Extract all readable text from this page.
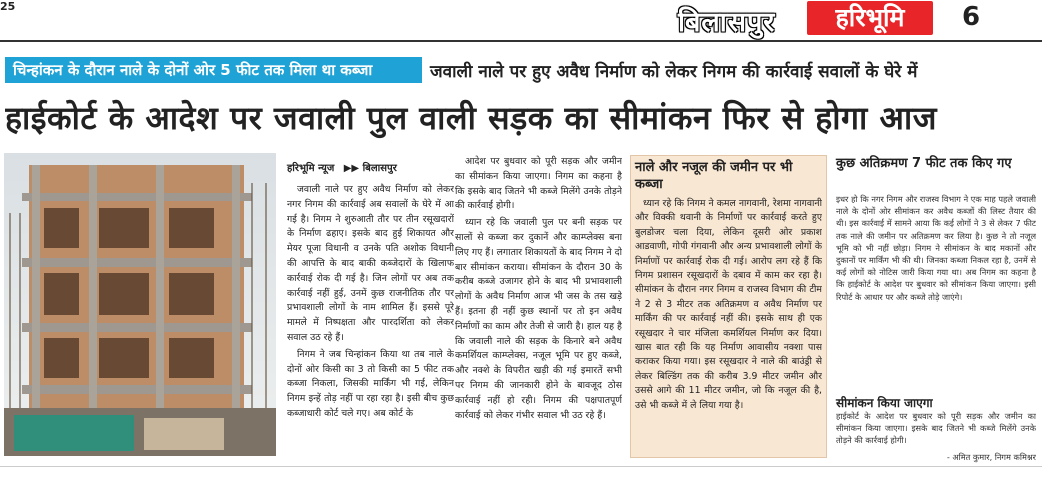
25
बिलासपुर	हरिभूमि	6
चिन्हांकन के दौरान नाले के दोनों ओर 5 फीट तक मिला था कब्जा	जवाली नाले पर हुए अवैध निर्माण को लेकर निगम की कार्रवाई सवालों के घेरे में
हाईकोर्ट के आदेश पर जवाली पुल वाली सड़क का सीमांकन फिर से होगा आज
हरिभूमि न्यूज ▶▶ बिलासपुर

जवाली नाले पर हुए अवैध निर्माण को लेकर नगर निगम की कार्रवाई अब सवालों के घेरे में आ गई है। निगम ने शुरुआती तौर पर तीन रसूखदारों के निर्माण ढहाए। इसके बाद हुई शिकायत और मेयर पूजा विधानी व उनके पति अशोक विधानी की आपत्ति के बाद बाकी कब्जेदारों के खिलाफ कार्रवाई रोक दी गई है। जिन लोगों पर अब तक कार्रवाई नहीं हुई, उनमें कुछ राजनीतिक तौर पर प्रभावशाली लोगों के नाम शामिल हैं। इससे पूरे मामले में निष्पक्षता और पारदर्शिता को लेकर सवाल उठ रहे हैं।

निगम ने जब चिन्हांकन किया था तब नाले के दोनों ओर किसी का 3 तो किसी का 5 फीट तक कब्जा निकला, जिसकी मार्किंग भी गई, लेकिन निगम इन्हें तोड़ नहीं पा रहा रहा है। इसी बीच कुछ कब्जाधारी कोर्ट चले गए। अब कोर्ट के

आदेश पर बुधवार को पूरी सड़क और जमीन का सीमांकन किया जाएगा। निगम का कहना है कि इसके बाद जितने भी कब्जे मिलेंगे उनके तोड़ने की कार्रवाई होगी।

ध्यान रहे कि जवाली पुल पर बनी सड़क पर सालों से कब्जा कर दुकानें और काम्प्लेक्स बना लिए गए हैं। लगातार शिकायतों के बाद निगम ने दो बार सीमांकन कराया। सीमांकन के दौरान 30 के करीब कब्जे उजागर होने के बाद भी प्रभावशाली लोगों के अवैध निर्माण आज भी जस के तस खड़े हैं। इतना ही नहीं कुछ स्थानों पर तो इन अवैध निर्माणों का काम और तेजी से जारी है। हाल यह है कि जवाली नाले की सड़क के किनारे बने अवैध कमर्शियल काम्प्लेक्स, नजूल भूमि पर हुए कब्जे, और नक्शे के विपरीत खड़ी की गई इमारतें सभी पर निगम की जानकारी होने के बावजूद ठोस कार्रवाई नहीं हो रही। निगम की पक्षपातपूर्ण कार्रवाई को लेकर गंभीर सवाल भी उठ रहे हैं।

नाले और नजूल की जमीन पर भी कब्जा

ध्यान रहे कि निगम ने कमल नागवानी, रेशमा नागवानी और विक्की थवानी के निर्माणों पर कार्रवाई करते हुए बुलडोजर चला दिया, लेकिन दूसरी ओर प्रकाश आडवाणी, गोपी गंगवानी और अन्य प्रभावशाली लोगों के निर्माणों पर कार्रवाई रोक दी गई। आरोप लग रहे हैं कि निगम प्रशासन रसूखदारों के दबाव में काम कर रहा है। सीमांकन के दौरान नगर निगम व राजस्व विभाग की टीम ने 2 से 3 मीटर तक अतिक्रमण व अवैध निर्माण पर मार्किंग की पर कार्रवाई नहीं की। इसके साथ ही एक रसूखदार ने चार मंजिला कमर्शियल निर्माण कर दिया। खास बात रही कि यह निर्माण आवासीय नक्शा पास कराकर किया गया। इस रसूखदार ने नाले की बाउंड्री से लेकर बिल्डिंग तक की करीब 3.9 मीटर जमीन और उससे आगे की 11 मीटर जमीन, जो कि नजूल की है, उसे भी कब्जे में ले लिया गया है।

कुछ अतिक्रमण 7 फीट तक किए गए

इधर हो कि नगर निगम और राजस्व विभाग ने एक माह पहले जवाली नाले के दोनों ओर सीमांकन कर अवैध कब्जों की लिस्ट तैयार की थी। इस कार्रवाई में सामने आया कि कई लोगों ने 3 से लेकर 7 फीट तक नाले की जमीन पर अतिक्रमण कर लिया है। कुछ ने तो नजूल भूमि को भी नहीं छोड़ा। निगम ने सीमांकन के बाद मकानों और दुकानों पर मार्किंग भी की थी। जिनका कब्जा निकल रहा है, उनमें से कई लोगों को नोटिस जारी किया गया था। अब निगम का कहना है कि हाईकोर्ट के आदेश पर बुधवार को सीमांकन किया जाएगा। इसी रिपोर्ट के आधार पर और कब्जे तोड़े जाएंगे।

सीमांकन किया जाएगा

हाईकोर्ट के आदेश पर बुधवार को पूरी सड़क और जमीन का सीमांकन किया जाएगा। इसके बाद जितने भी कब्जे मिलेंगे उनके तोड़ने की कार्रवाई होगी।

- अमित कुमार, निगम कमिश्नर
